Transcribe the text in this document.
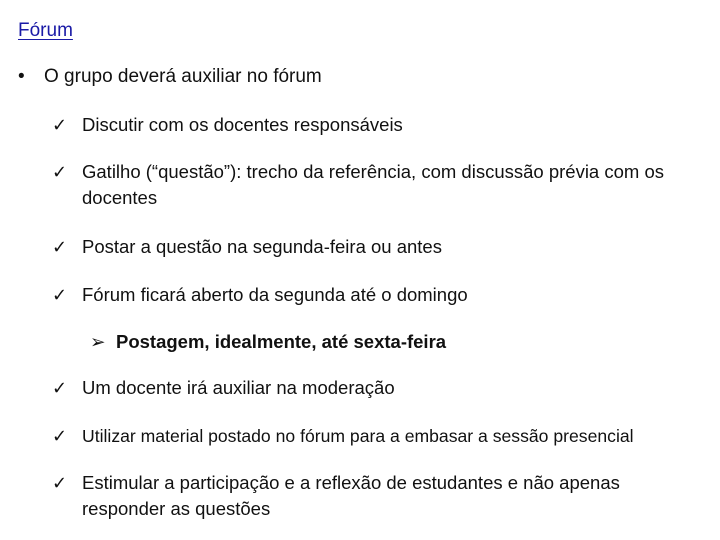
Fórum
• O grupo deverá auxiliar no fórum
✓ Discutir com os docentes responsáveis
✓ Gatilho (“questão”): trecho da referência, com discussão prévia com os docentes
✓ Postar a questão na segunda-feira ou antes
✓ Fórum ficará aberto da segunda até o domingo
➢ Postagem, idealmente, até sexta-feira
✓ Um docente irá auxiliar na moderação
✓ Utilizar material postado no fórum para a embasar a sessão presencial
✓ Estimular a participação e a reflexão de estudantes e não apenas responder as questões
